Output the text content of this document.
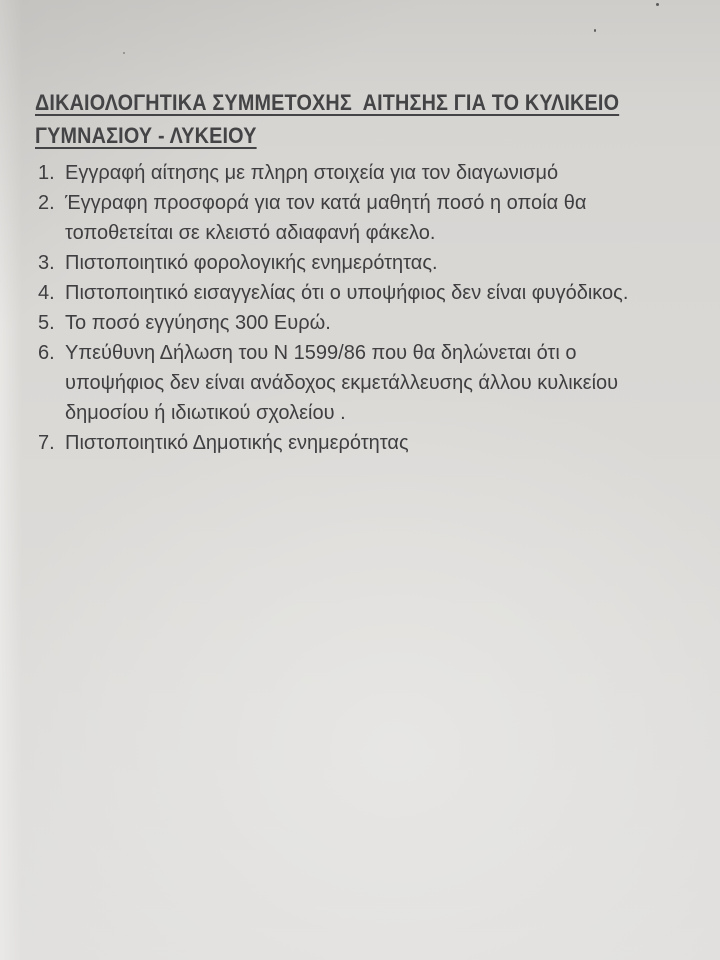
ΔΙΚΑΙΟΛΟΓΗΤΙΚΑ ΣΥΜΜΕΤΟΧΗΣ  ΑΙΤΗΣΗΣ ΓΙΑ ΤΟ ΚΥΛΙΚΕΙΟ
ΓΥΜΝΑΣΙΟΥ - ΛΥΚΕΙΟΥ
1. Εγγραφή αίτησης με πληρη στοιχεία για τον διαγωνισμό
2. Έγγραφη προσφορά για τον κατά μαθητή ποσό η οποία θα τοποθετείται σε κλειστό αδιαφανή φάκελο.
3. Πιστοποιητικό φορολογικής ενημερότητας.
4. Πιστοποιητικό εισαγγελίας ότι ο υποψήφιος δεν είναι φυγόδικος.
5. Το ποσό εγγύησης 300 Ευρώ.
6. Υπεύθυνη Δήλωση του Ν 1599/86 που θα δηλώνεται ότι ο υποψήφιος δεν είναι ανάδοχος εκμετάλλευσης άλλου κυλικείου δημοσίου ή ιδιωτικού σχολείου .
7. Πιστοποιητικό Δημοτικής ενημερότητας
